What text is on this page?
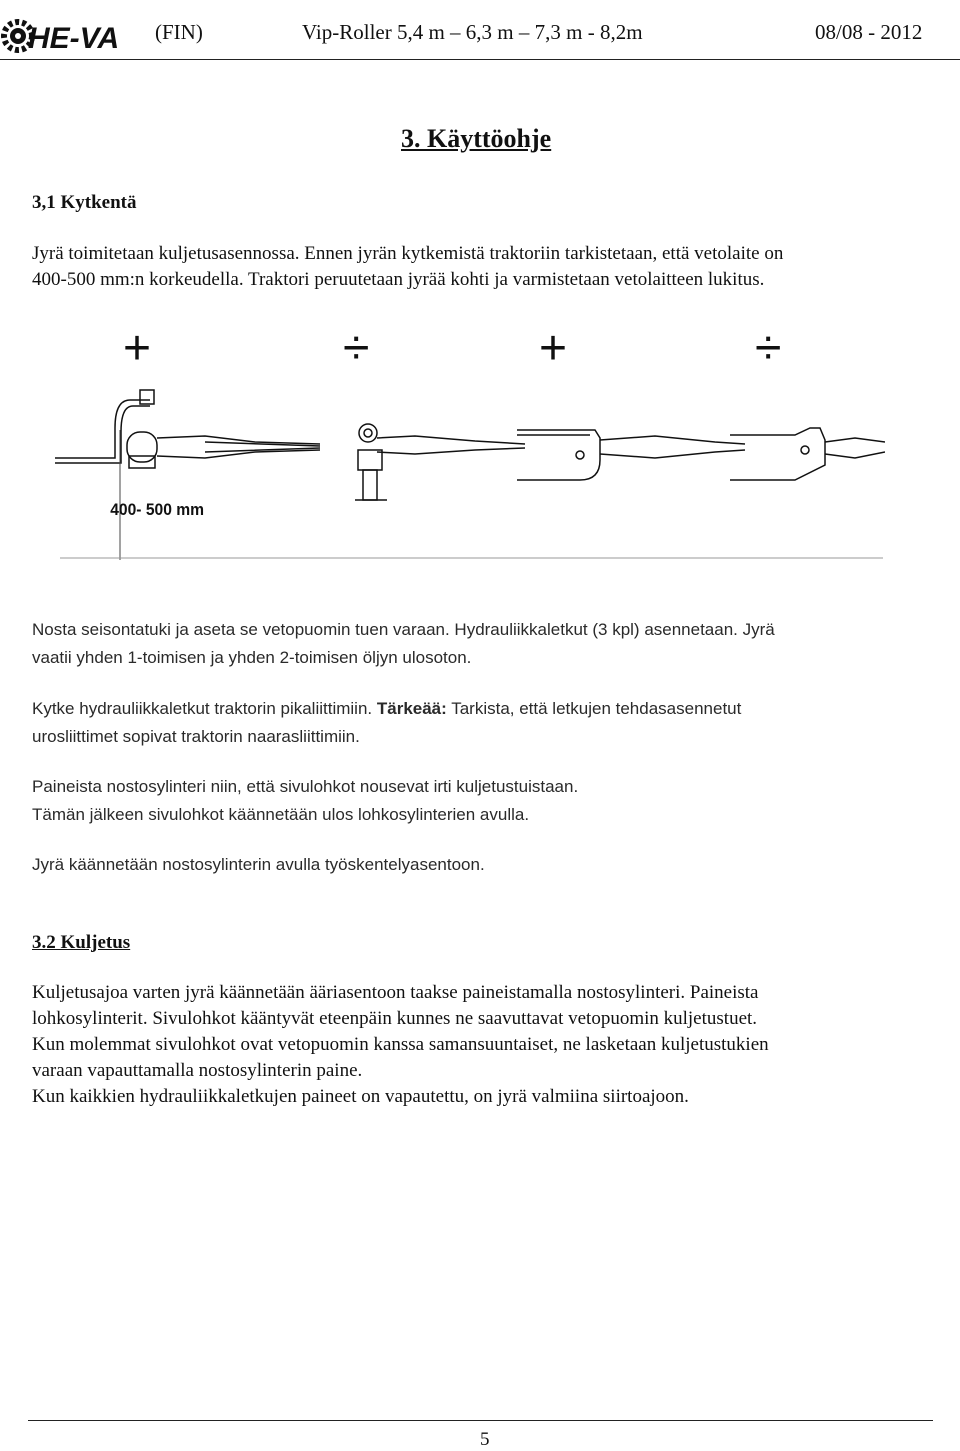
HE-VA (FIN)	Vip-Roller 5,4 m – 6,3 m – 7,3 m - 8,2m	08/08 - 2012
3. Käyttöohje
3,1 Kytkentä
Jyrä toimitetaan kuljetusasennossa. Ennen jyrän kytkemistä traktoriin tarkistetaan, että vetolaite on
400-500 mm:n korkeudella. Traktori peruutetaan jyrää kohti ja varmistetaan vetolaitteen lukitus.
+	÷	+	÷
400- 500 mm
Nosta seisontatuki ja aseta se vetopuomin tuen varaan. Hydrauliikkaletkut (3 kpl) asennetaan. Jyrä
vaatii yhden 1-toimisen ja yhden 2-toimisen öljyn ulosoton.
Kytke hydrauliikkaletkut traktorin pikaliittimiin. Tärkeää: Tarkista, että letkujen tehdasasennetut
urosliittimet sopivat traktorin naarasliittimiin.
Paineista nostosylinteri niin, että sivulohkot nousevat irti kuljetustuistaan.
Tämän jälkeen sivulohkot käännetään ulos lohkosylinterien avulla.
Jyrä käännetään nostosylinterin avulla työskentelyasentoon.
3.2 Kuljetus
Kuljetusajoa varten jyrä käännetään ääriasentoon taakse paineistamalla nostosylinteri. Paineista
lohkosylinterit. Sivulohkot kääntyvät eteenpäin kunnes ne saavuttavat vetopuomin kuljetustuet.
Kun molemmat sivulohkot ovat vetopuomin kanssa samansuuntaiset, ne lasketaan kuljetustukien
varaan vapauttamalla nostosylinterin paine.
Kun kaikkien hydrauliikkaletkujen paineet on vapautettu, on jyrä valmiina siirtoajoon.
5
